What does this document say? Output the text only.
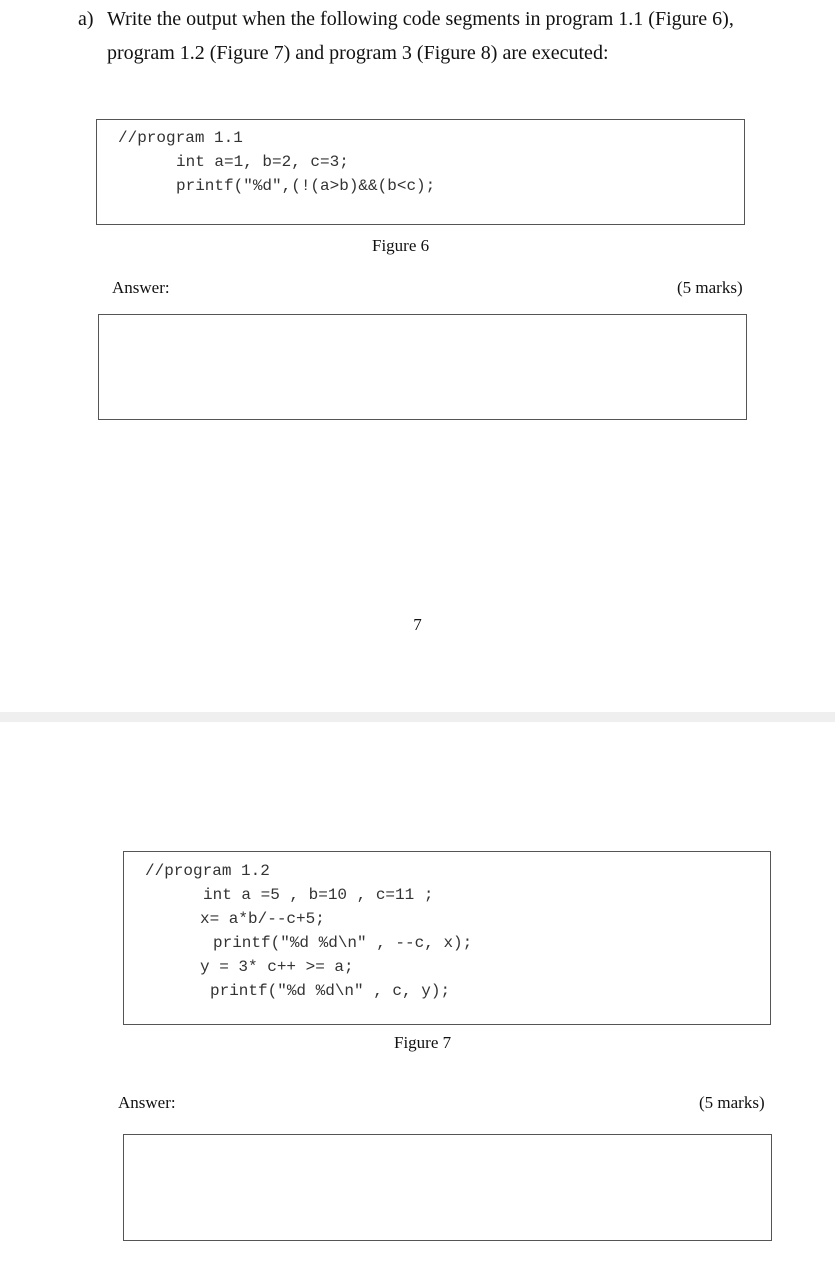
a) Write the output when the following code segments in program 1.1 (Figure 6),
program 1.2 (Figure 7) and program 3 (Figure 8) are executed:
//program 1.1
int a=1, b=2, c=3;
printf("%d",(!(a>b)&&(b<c);
Figure 6
Answer:	(5 marks)
7
//program 1.2
int a =5 , b=10 , c=11 ;
x= a*b/--c+5;
printf("%d %d\n" , --c, x);
y = 3* c++ >= a;
printf("%d %d\n" , c, y);
Figure 7
Answer:	(5 marks)
